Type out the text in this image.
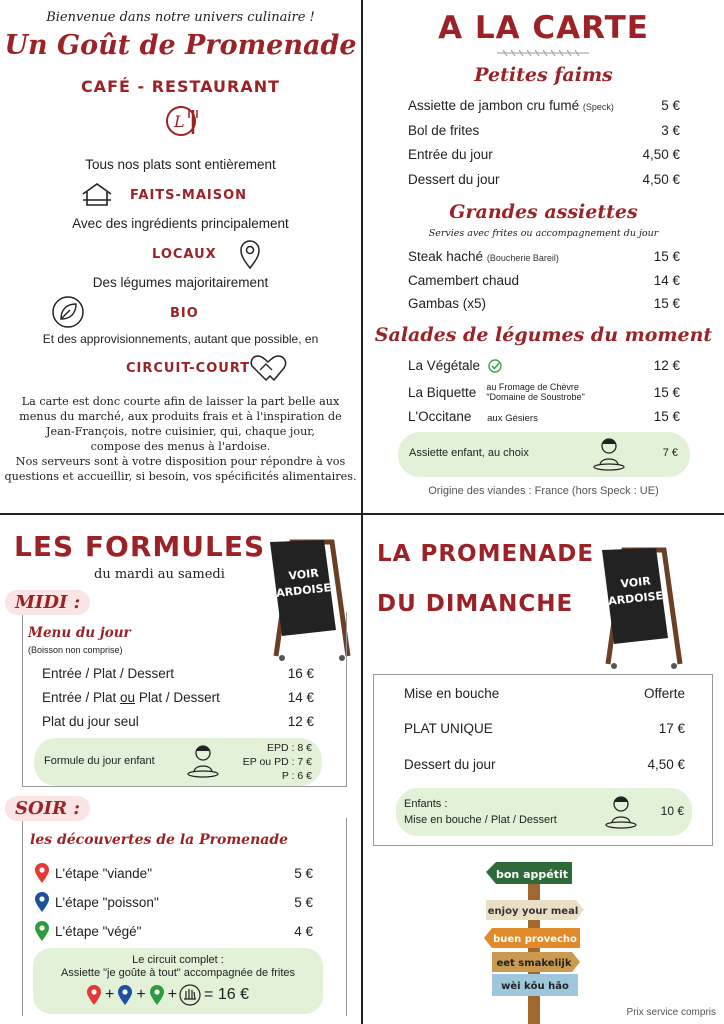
Bienvenue dans notre univers culinaire !
Un Goût de Promenade
CAFÉ - RESTAURANT
L
Tous nos plats sont entièrement
FAITS-MAISON
Avec des ingrédients principalement
LOCAUX
Des légumes majoritairement
BIO
Et des approvisionnements, autant que possible, en
CIRCUIT-COURT
La carte est donc courte afin de laisser la part belle aux
menus du marché, aux produits frais et à l'inspiration de
Jean-François, notre cuisinier, qui, chaque jour,
compose des menus à l'ardoise.
Nos serveurs sont à votre disposition pour répondre à vos
questions et accueillir, si besoin, vos spécificités alimentaires.
A LA CARTE
Petites faims
Assiette de jambon cru fumé (Speck)	5 €
Bol de frites	3 €
Entrée du jour	4,50 €
Dessert du jour	4,50 €
Grandes assiettes
Servies avec frites ou accompagnement du jour
Steak haché (Boucherie Bareil)	15 €
Camembert chaud	14 €
Gambas (x5)	15 €
Salades de légumes du moment
La Végétale	12 €
La Biquette au Fromage de Chèvre
"Domaine de Soustrobe"	15 €
L'Occitane aux Gésiers	15 €
Assiette enfant, au choix	7 €
Origine des viandes : France (hors Speck : UE)
LES FORMULES
du mardi au samedi	VOIR
ARDOISE
MIDI :
Menu du jour
(Boisson non comprise)
Entrée / Plat / Dessert	16 €
Entrée / Plat ou Plat / Dessert	14 €
Plat du jour seul	12 €
Formule du jour enfant
EPD : 8 €
EP ou PD : 7 €
P : 6 €
SOIR :
les découvertes de la Promenade
L'étape "viande"	5 €
L'étape "poisson"	5 €
L'étape "végé"	4 €
Le circuit complet :
Assiette "je goûte à tout" accompagnée de frites
+ + + = 16 €
LA PROMENADE
DU DIMANCHE
VOIR
ARDOISE
Mise en bouche	Offerte
PLAT UNIQUE	17 €
Dessert du jour	4,50 €
Enfants :
Mise en bouche / Plat / Dessert
10 €
bon appétit
enjoy your meal
buen provecho
eet smakelijk
wèi kǒu hǎo
Prix service compris
